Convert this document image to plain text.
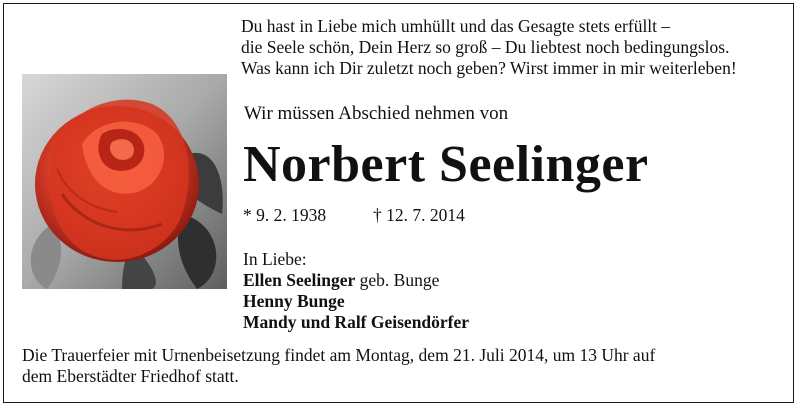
Du hast in Liebe mich umhüllt und das Gesagte stets erfüllt –
die Seele schön, Dein Herz so groß – Du liebtest noch bedingungslos.
Was kann ich Dir zuletzt noch geben? Wirst immer in mir weiterleben!
Wir müssen Abschied nehmen von
Norbert Seelinger
* 9. 2. 1938	† 12. 7. 2014
In Liebe:
Ellen Seelinger geb. Bunge
Henny Bunge
Mandy und Ralf Geisendörfer
Die Trauerfeier mit Urnenbeisetzung findet am Montag, dem 21. Juli 2014, um 13 Uhr auf
dem Eberstädter Friedhof statt.
